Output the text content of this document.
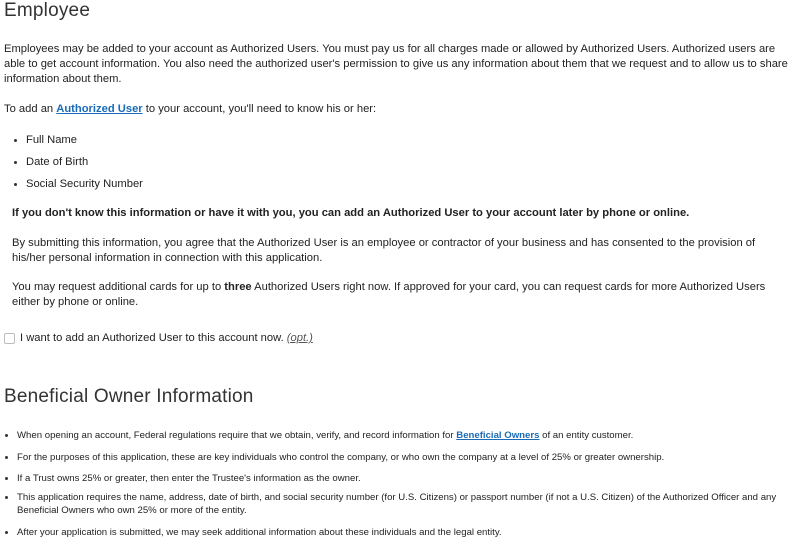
Employee
Employees may be added to your account as Authorized Users. You must pay us for all charges made or allowed by Authorized Users. Authorized users are able to get account information. You also need the authorized user's permission to give us any information about them that we request and to allow us to share information about them.
To add an Authorized User to your account, you'll need to know his or her:
Full Name
Date of Birth
Social Security Number
If you don't know this information or have it with you, you can add an Authorized User to your account later by phone or online.
By submitting this information, you agree that the Authorized User is an employee or contractor of your business and has consented to the provision of his/her personal information in connection with this application.
You may request additional cards for up to three Authorized Users right now. If approved for your card, you can request cards for more Authorized Users either by phone or online.
I want to add an Authorized User to this account now. (opt.)
Beneficial Owner Information
When opening an account, Federal regulations require that we obtain, verify, and record information for Beneficial Owners of an entity customer.
For the purposes of this application, these are key individuals who control the company, or who own the company at a level of 25% or greater ownership.
If a Trust owns 25% or greater, then enter the Trustee's information as the owner.
This application requires the name, address, date of birth, and social security number (for U.S. Citizens) or passport number (if not a U.S. Citizen) of the Authorized Officer and any Beneficial Owners who own 25% or more of the entity.
After your application is submitted, we may seek additional information about these individuals and the legal entity.
